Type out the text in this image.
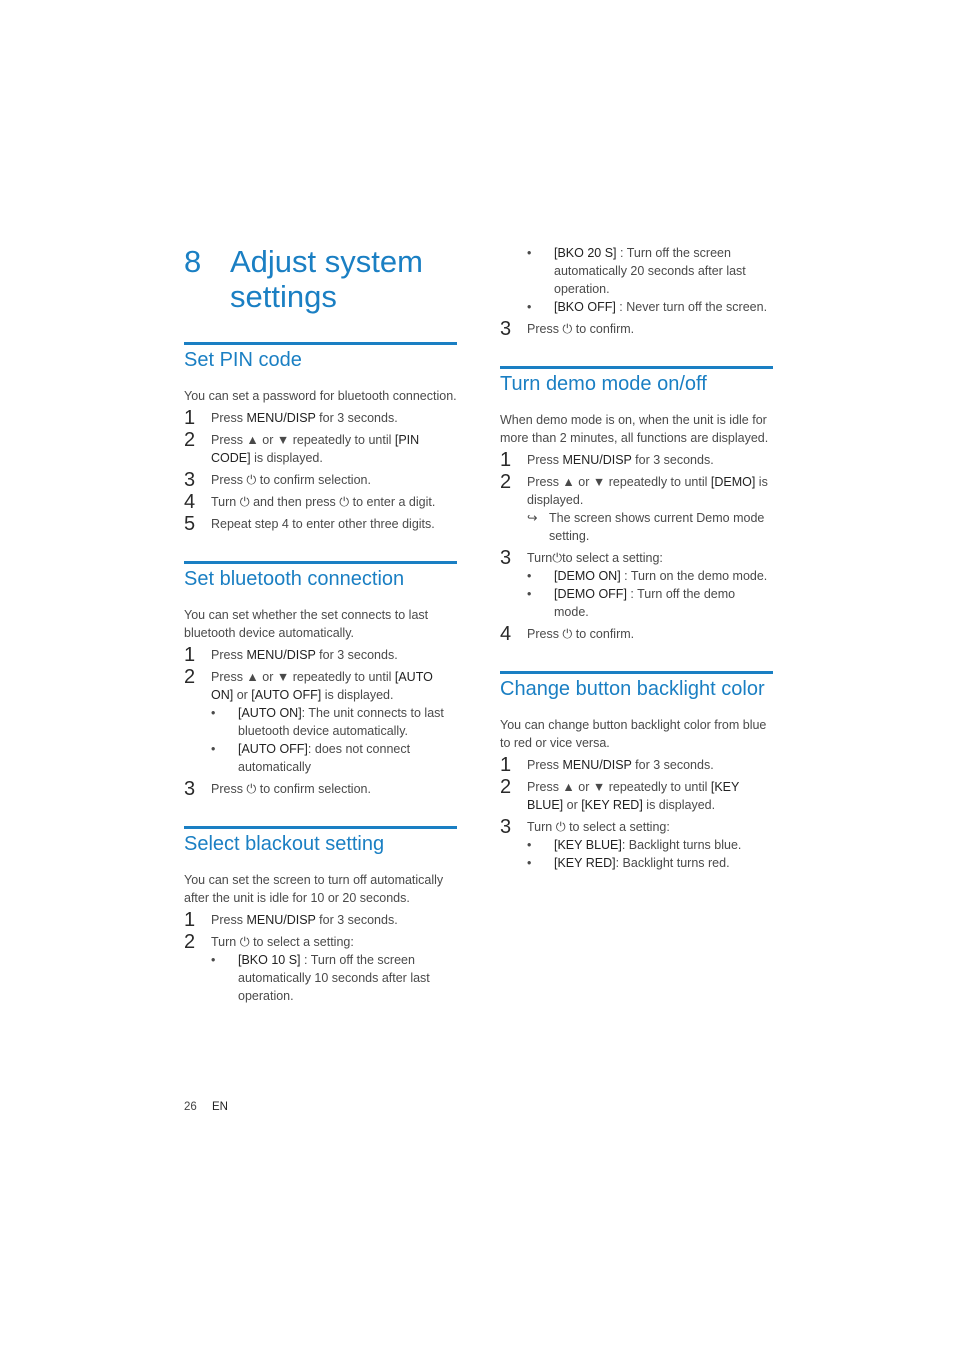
8 Adjust system settings
Set PIN code

You can set a password for bluetooth connection.

1	Press MENU/DISP for 3 seconds.
2	Press ▲ or ▼ repeatedly to until [PIN CODE] is displayed.
3	Press ⏻ to confirm selection.
4	Turn ⏻ and then press ⏻ to enter a digit.
5	Repeat step 4 to enter other three digits.
Set bluetooth connection

You can set whether the set connects to last bluetooth device automatically.

1	Press MENU/DISP for 3 seconds.
2	Press ▲ or ▼ repeatedly to until [AUTO ON] or [AUTO OFF] is displayed.
•	[AUTO ON]: The unit connects to last bluetooth device automatically.
•	[AUTO OFF]: does not connect automatically
3	Press ⏻ to confirm selection.
Select blackout setting

You can set the screen to turn off automatically after the unit is idle for 10 or 20 seconds.

1	Press MENU/DISP for 3 seconds.
2	Turn ⏻ to select a setting:
•	[BKO 10 S] : Turn off the screen automatically 10 seconds after last operation.
•	[BKO 20 S] : Turn off the screen automatically 20 seconds after last operation.
•	[BKO OFF] : Never turn off the screen.
3	Press ⏻ to confirm.
Turn demo mode on/off

When demo mode is on, when the unit is idle for more than 2 minutes, all functions are displayed.

1	Press MENU/DISP for 3 seconds.
2	Press ▲ or ▼ repeatedly to until [DEMO] is displayed.
↪ The screen shows current Demo mode setting.
3	Turn⏻to select a setting:
•	[DEMO ON] : Turn on the demo mode.
•	[DEMO OFF] : Turn off the demo mode.
4	Press ⏻ to confirm.
Change button backlight color

You can change button backlight color from blue to red or vice versa.

1	Press MENU/DISP for 3 seconds.
2	Press ▲ or ▼ repeatedly to until [KEY BLUE] or [KEY RED] is displayed.
3	Turn ⏻ to select a setting:
•	[KEY BLUE]: Backlight turns blue.
•	[KEY RED]: Backlight turns red.
26 EN
